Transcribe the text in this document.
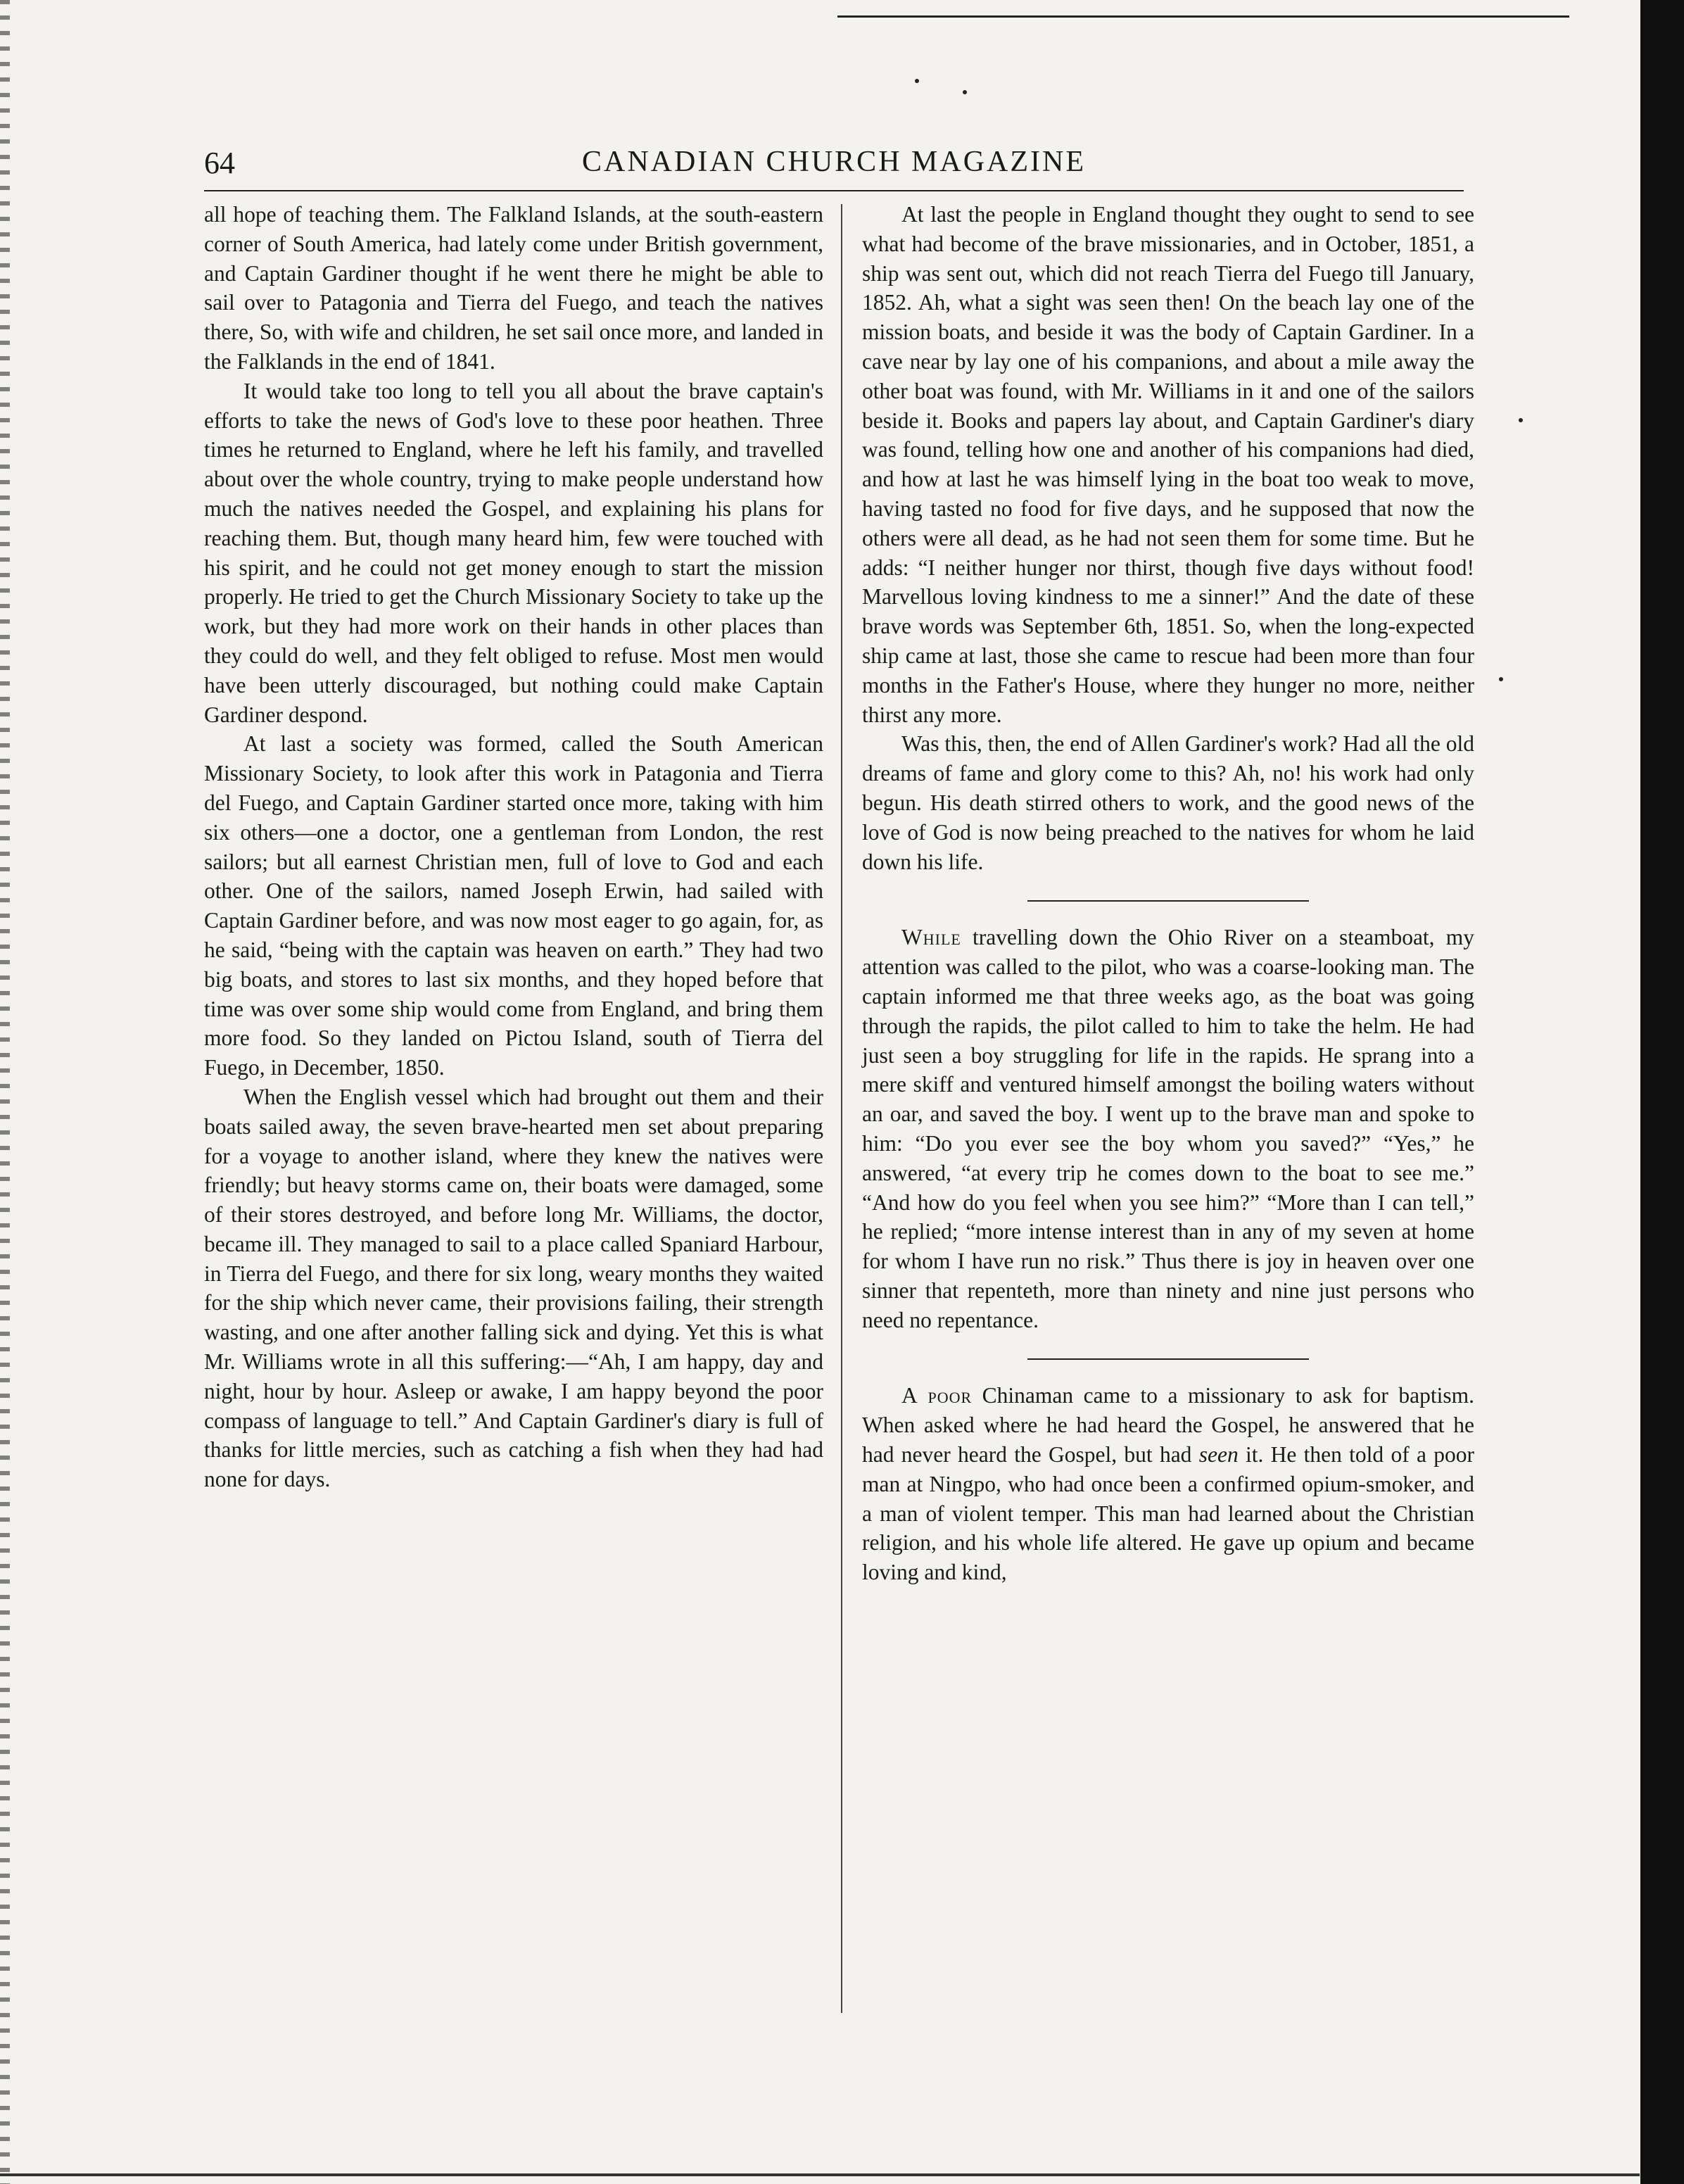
64	CANADIAN CHURCH MAGAZINE

all hope of teaching them. The Falkland Islands, at the south-eastern corner of South America, had lately come under British government, and Captain Gardiner thought if he went there he might be able to sail over to Patagonia and Tierra del Fuego, and teach the natives there, So, with wife and children, he set sail once more, and landed in the Falklands in the end of 1841.

It would take too long to tell you all about the brave captain's efforts to take the news of God's love to these poor heathen. Three times he returned to England, where he left his family, and travelled about over the whole country, trying to make people understand how much the natives needed the Gospel, and explaining his plans for reaching them. But, though many heard him, few were touched with his spirit, and he could not get money enough to start the mission properly. He tried to get the Church Missionary Society to take up the work, but they had more work on their hands in other places than they could do well, and they felt obliged to refuse. Most men would have been utterly discouraged, but nothing could make Captain Gardiner despond.

At last a society was formed, called the South American Missionary Society, to look after this work in Patagonia and Tierra del Fuego, and Captain Gardiner started once more, taking with him six others—one a doctor, one a gentleman from London, the rest sailors; but all earnest Christian men, full of love to God and each other. One of the sailors, named Joseph Erwin, had sailed with Captain Gardiner before, and was now most eager to go again, for, as he said, “being with the captain was heaven on earth.” They had two big boats, and stores to last six months, and they hoped before that time was over some ship would come from England, and bring them more food. So they landed on Pictou Island, south of Tierra del Fuego, in December, 1850.

When the English vessel which had brought out them and their boats sailed away, the seven brave-hearted men set about preparing for a voyage to another island, where they knew the natives were friendly; but heavy storms came on, their boats were damaged, some of their stores destroyed, and before long Mr. Williams, the doctor, became ill. They managed to sail to a place called Spaniard Harbour, in Tierra del Fuego, and there for six long, weary months they waited for the ship which never came, their provisions failing, their strength wasting, and one after another falling sick and dying. Yet this is what Mr. Williams wrote in all this suffering:—“Ah, I am happy, day and night, hour by hour. Asleep or awake, I am happy beyond the poor compass of language to tell.” And Captain Gardiner's diary is full of thanks for little mercies, such as catching a fish when they had had none for days.

At last the people in England thought they ought to send to see what had become of the brave missionaries, and in October, 1851, a ship was sent out, which did not reach Tierra del Fuego till January, 1852. Ah, what a sight was seen then! On the beach lay one of the mission boats, and beside it was the body of Captain Gardiner. In a cave near by lay one of his companions, and about a mile away the other boat was found, with Mr. Williams in it and one of the sailors beside it. Books and papers lay about, and Captain Gardiner's diary was found, telling how one and another of his companions had died, and how at last he was himself lying in the boat too weak to move, having tasted no food for five days, and he supposed that now the others were all dead, as he had not seen them for some time. But he adds: “I neither hunger nor thirst, though five days without food! Marvellous loving kindness to me a sinner!” And the date of these brave words was September 6th, 1851. So, when the long-expected ship came at last, those she came to rescue had been more than four months in the Father's House, where they hunger no more, neither thirst any more.

Was this, then, the end of Allen Gardiner's work? Had all the old dreams of fame and glory come to this? Ah, no! his work had only begun. His death stirred others to work, and the good news of the love of God is now being preached to the natives for whom he laid down his life.

While travelling down the Ohio River on a steamboat, my attention was called to the pilot, who was a coarse-looking man. The captain informed me that three weeks ago, as the boat was going through the rapids, the pilot called to him to take the helm. He had just seen a boy struggling for life in the rapids. He sprang into a mere skiff and ventured himself amongst the boiling waters without an oar, and saved the boy. I went up to the brave man and spoke to him: “Do you ever see the boy whom you saved?” “Yes,” he answered, “at every trip he comes down to the boat to see me.” “And how do you feel when you see him?” “More than I can tell,” he replied; “more intense interest than in any of my seven at home for whom I have run no risk.” Thus there is joy in heaven over one sinner that repenteth, more than ninety and nine just persons who need no repentance.

A poor Chinaman came to a missionary to ask for baptism. When asked where he had heard the Gospel, he answered that he had never heard the Gospel, but had seen it. He then told of a poor man at Ningpo, who had once been a confirmed opium-smoker, and a man of violent temper. This man had learned about the Christian religion, and his whole life altered. He gave up opium and became loving and kind,
